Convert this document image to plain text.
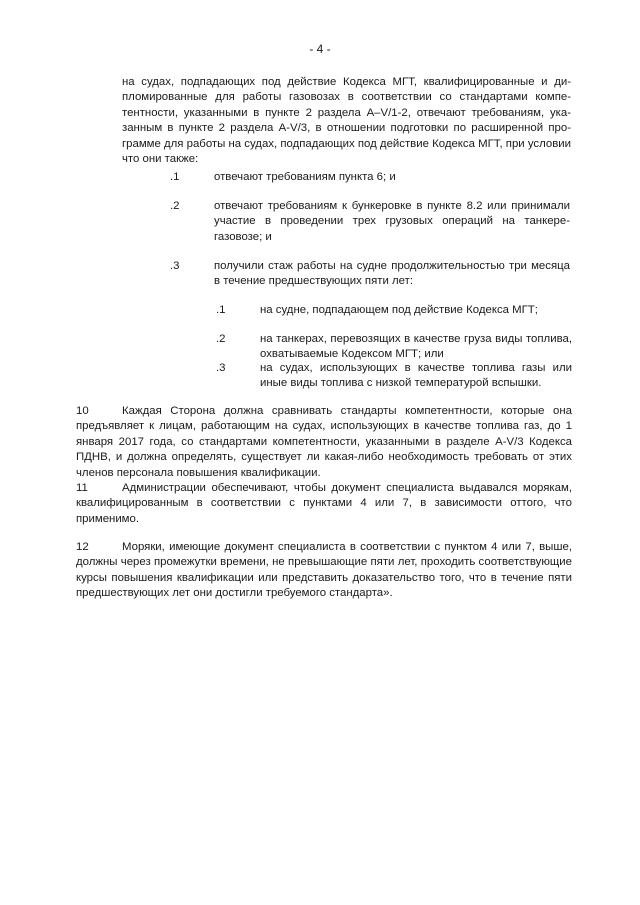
- 4 -
на судах, подпадающих под действие Кодекса МГТ, квалифицированные и дипломированные для работы газовозах в соответствии со стандартами компетентности, указанными в пункте 2 раздела A–V/1-2, отвечают требованиям, указанным в пункте 2 раздела A-V/3, в отношении подготовки по расширенной программе для работы на судах, подпадающих под действие Кодекса МГТ, при условии что они также:
.1	отвечают требованиям пункта 6; и
.2	отвечают требованиям к бункеровке в пункте 8.2 или принимали участие в проведении трех грузовых операций на танкере-газовозе; и
.3	получили стаж работы на судне продолжительностью три месяца в течение предшествующих пяти лет:
.1	на судне, подпадающем под действие Кодекса МГТ;
.2	на танкерах, перевозящих в качестве груза виды топлива, охватываемые Кодексом МГТ; или
.3	на судах, использующих в качестве топлива газы или иные виды топлива с низкой температурой вспышки.
10	Каждая Сторона должна сравнивать стандарты компетентности, которые она предъявляет к лицам, работающим на судах, использующих в качестве топлива газ, до 1 января 2017 года, со стандартами компетентности, указанными в разделе A-V/3 Кодекса ПДНВ, и должна определять, существует ли какая-либо необходимость требовать от этих членов персонала повышения квалификации.
11	Администрации обеспечивают, чтобы документ специалиста выдавался морякам, квалифицированным в соответствии с пунктами 4 или 7, в зависимости оттого, что применимо.
12	Моряки, имеющие документ специалиста в соответствии с пунктом 4 или 7, выше, должны через промежутки времени, не превышающие пяти лет, проходить соответствующие курсы повышения квалификации или представить доказательство того, что в течение пяти предшествующих лет они достигли требуемого стандарта».
